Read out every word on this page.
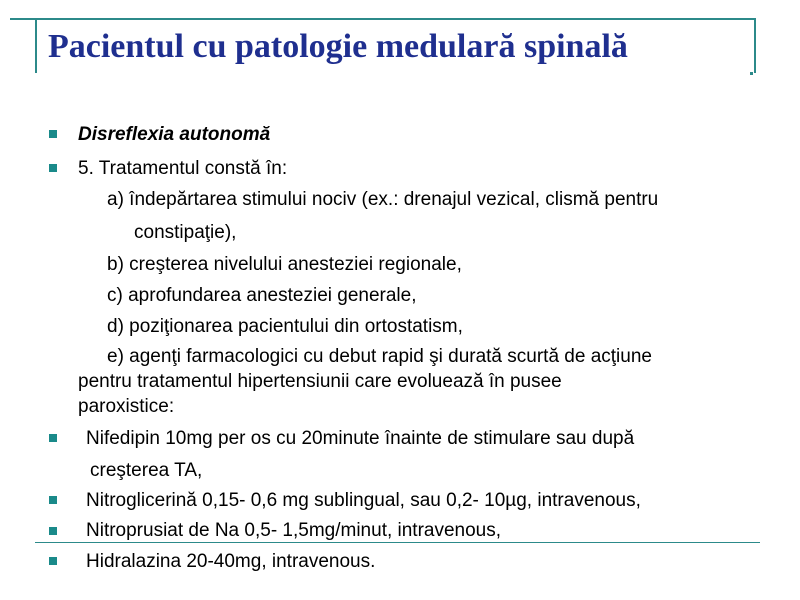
Pacientul cu patologie medulară spinală
Disreflexia autonomă
5. Tratamentul constă în:
a) îndepărtarea stimului nociv (ex.: drenajul vezical, clismă pentru
constipaţie),
b) creşterea nivelului anesteziei regionale,
c) aprofundarea anesteziei generale,
d) poziţionarea pacientului din ortostatism,
e) agenţi farmacologici cu debut rapid şi durată scurtă de acţiune
pentru tratamentul hipertensiunii care evoluează în pusee
paroxistice:
Nifedipin 10mg per os cu 20minute înainte de stimulare sau după
creşterea TA,
Nitroglicerină 0,15- 0,6 mg sublingual, sau 0,2- 10µg, intravenous,
Nitroprusiat de Na 0,5- 1,5mg/minut, intravenous,
Hidralazina 20-40mg, intravenous.
